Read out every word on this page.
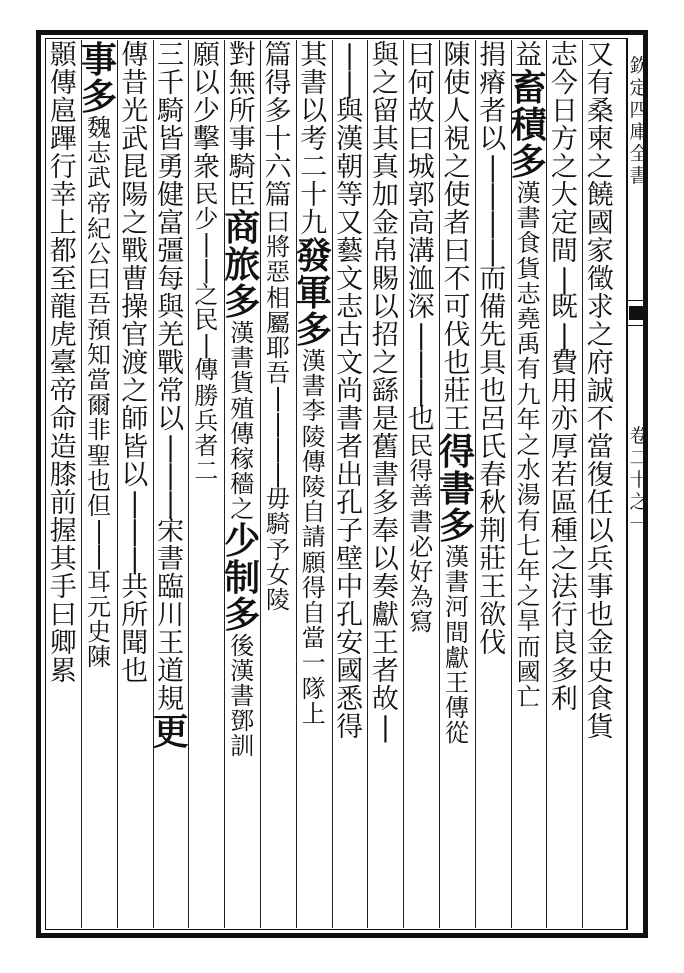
欽
定
四
庫
全
書
卷
二
十
之
一
又
有
桑
柬
之
饒
國
家
徵
求
之
府
誠
不
當
復
任
以
兵
事
也
金
史
食
貨
志
今
日
方
之
大
定
間
|
既
|
費
用
亦
厚
若
區
種
之
法
行
良
多
利
益
畜
積
多
漢
書
食
貨
志
堯
禹
有
九
年
之
水
湯
有
七
年
之
旱
而
國
亡
捐
瘠
者
以
|
|
|
|
而
備
先
具
也
呂
氏
春
秋
荆
莊
王
欲
伐
陳
使
人
視
之
使
者
曰
不
可
伐
也
莊
王
得
書
多
漢
書
河
間
獻
王
傳
從
曰
何
故
曰
城
郭
高
溝
洫
深
|
|
|
也
民
得
善
書
必
好
為
寫
與
之
留
其
真
加
金
帛
賜
以
招
之
繇
是
舊
書
多
奉
以
奏
獻
王
者
故
|
|
|
與
漢
朝
等
又
藝
文
志
古
文
尚
書
者
出
孔
子
壁
中
孔
安
國
悉
得
其
書
以
考
二
十
九
發
軍
多
漢
書
李
陵
傳
陵
自
請
願
得
自
當
一
隊
上
篇
得
多
十
六
篇
曰
將
惡
相
屬
耶
吾
|
|
|
|
毋
騎
予
女
陵
對
無
所
事
騎
臣
商
旅
多
漢
書
貨
殖
傳
稼
穡
之
少
制
多
後
漢
書
鄧
訓
願
以
少
擊
衆
民
少
|
|
之
民
|
傳
勝
兵
者
二
三
千
騎
皆
勇
健
富
彊
每
與
羌
戰
常
以
|
|
|
宋
書
臨
川
王
道
規
更
傳
昔
光
武
昆
陽
之
戰
曹
操
官
渡
之
師
皆
以
|
|
|
共
所
聞
也
事
多
魏
志
武
帝
紀
公
曰
吾
預
知
當
爾
非
聖
也
但
|
|
耳
元
史
陳
顥
傳
扈
蹕
行
幸
上
都
至
龍
虎
臺
帝
命
造
膝
前
握
其
手
曰
卿
累
